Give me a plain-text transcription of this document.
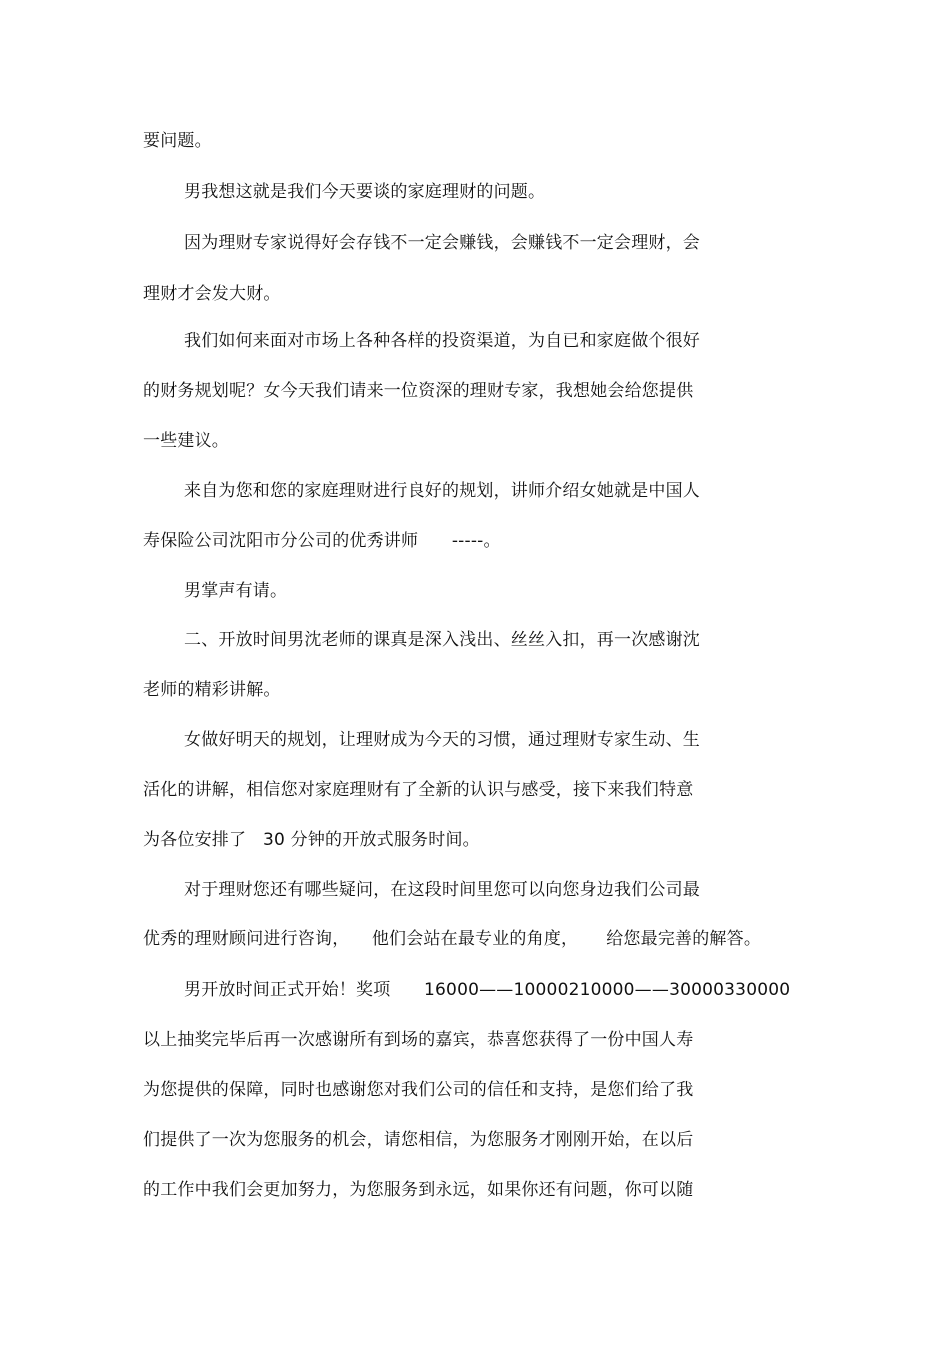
要问题。
男我想这就是我们今天要谈的家庭理财的问题。
因为理财专家说得好会存钱不一定会赚钱，会赚钱不一定会理财，会
理财才会发大财。
我们如何来面对市场上各种各样的投资渠道，为自已和家庭做个很好
的财务规划呢？女今天我们请来一位资深的理财专家，我想她会给您提供
一些建议。
来自为您和您的家庭理财进行良好的规划，讲师介绍女她就是中国人
寿保险公司沈阳市分公司的优秀讲师      -----。
男掌声有请。
二、开放时间男沈老师的课真是深入浅出、丝丝入扣，再一次感谢沈
老师的精彩讲解。
女做好明天的规划，让理财成为今天的习惯，通过理财专家生动、生
活化的讲解，相信您对家庭理财有了全新的认识与感受，接下来我们特意
为各位安排了   30 分钟的开放式服务时间。
对于理财您还有哪些疑问，在这段时间里您可以向您身边我们公司最
优秀的理财顾问进行咨询，    他们会站在最专业的角度，     给您最完善的解答。
男开放时间正式开始！奖项      16000——10000210000——30000330000
以上抽奖完毕后再一次感谢所有到场的嘉宾，恭喜您获得了一份中国人寿
为您提供的保障，同时也感谢您对我们公司的信任和支持，是您们给了我
们提供了一次为您服务的机会，请您相信，为您服务才刚刚开始，在以后
的工作中我们会更加努力，为您服务到永远，如果你还有问题，你可以随
